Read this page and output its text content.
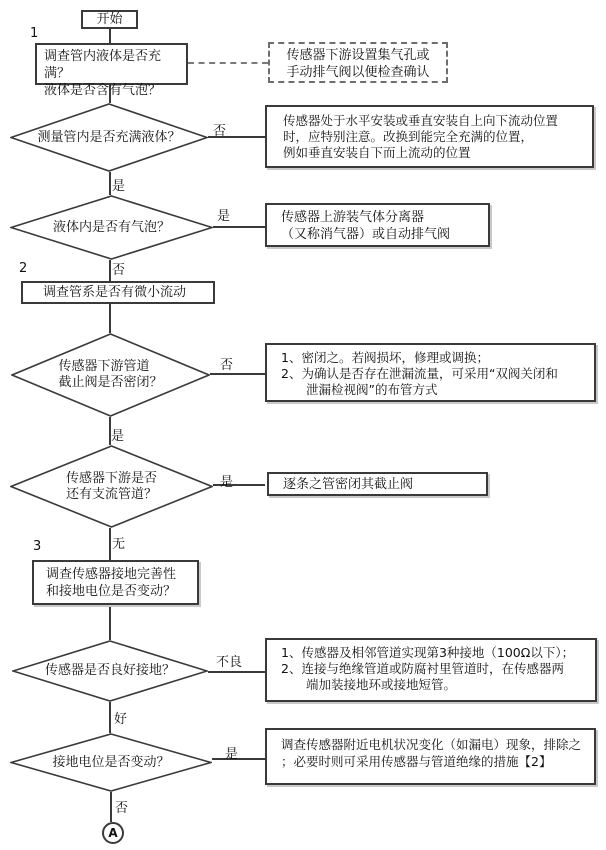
开始
1
2
3
调查管内液体是否充满？
液体是否含有气泡？
传感器下游设置集气孔或
手动排气阀以便检查确认
测量管内是否充满液体？	否
是
传感器处于水平安装或垂直安装自上向下流动位置
时，应特别注意。改换到能完全充满的位置，
例如垂直安装自下而上流动的位置
液体内是否有气泡？
是
否
传感器上游装气体分离器
（又称消气器）或自动排气阀
调查管系是否有微小流动
传感器下游管道
截止阀是否密闭？
否
是
1、密闭之。若阀损坏，修理或调换；
2、为确认是否存在泄漏流量，可采用“双阀关闭和
泄漏检视阀”的布管方式
传感器下游是否
还有支流管道？
是
无
逐条之管密闭其截止阀
调查传感器接地完善性
和接地电位是否变动？
传感器是否良好接地？
不良
好
1、传感器及相邻管道实现第3种接地（100Ω以下）；
2、连接与绝缘管道或防腐衬里管道时，在传感器两
端加装接地环或接地短管。
接地电位是否变动？	是
否
调查传感器附近电机状况变化（如漏电）现象，排除之
；必要时则可采用传感器与管道绝缘的措施【2】
A
